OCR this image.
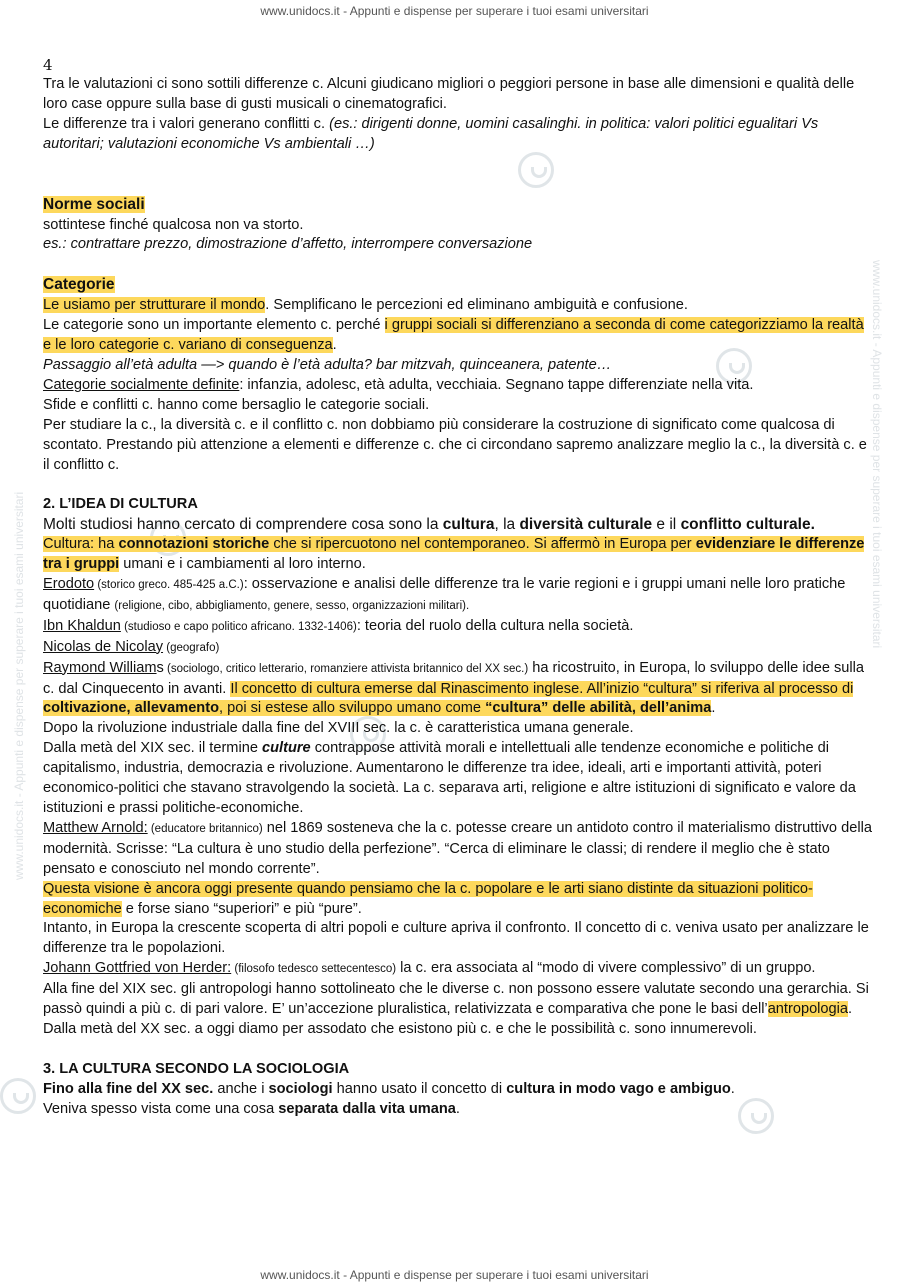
www.unidocs.it - Appunti e dispense per superare i tuoi esami universitari
www.unidocs.it - Appunti e dispense per superare i tuoi esami universitari
www.unidocs.it - Appunti e dispense per superare i tuoi esami universitari
www.unidocs.it - Appunti e dispense per superare i tuoi esami universitari

4

Tra le valutazioni ci sono sottili differenze c. Alcuni giudicano migliori o peggiori persone in base alle dimensioni e qualità delle loro case oppure sulla base di gusti musicali o cinematografici.

Le differenze tra i valori generano conflitti c. (es.: dirigenti donne, uomini casalinghi. in politica: valori politici egualitari Vs autoritari; valutazioni economiche Vs ambientali …)

Norme sociali

sottintese finché qualcosa non va storto.

es.: contrattare prezzo, dimostrazione d’affetto, interrompere conversazione

Categorie

Le usiamo per strutturare il mondo. Semplificano le percezioni ed eliminano ambiguità e confusione.

Le categorie sono un importante elemento c. perché i gruppi sociali si differenziano a seconda di come categorizziamo la realtà e le loro categorie c. variano di conseguenza.

Passaggio all’età adulta —> quando è l’età adulta? bar mitzvah, quinceanera, patente…

Categorie socialmente definite: infanzia, adolesc, età adulta, vecchiaia. Segnano tappe differenziate nella vita.

Sfide e conflitti c. hanno come bersaglio le categorie sociali.

Per studiare la c., la diversità c. e il conflitto c. non dobbiamo più considerare la costruzione di significato come qualcosa di scontato. Prestando più attenzione a elementi e differenze c. che ci circondano sapremo analizzare meglio la c., la diversità c. e il conflitto c.

2. L’IDEA DI CULTURA

Molti studiosi hanno cercato di comprendere cosa sono la cultura, la diversità culturale e il conflitto culturale.

Cultura: ha connotazioni storiche che si ripercuotono nel contemporaneo. Si affermò in Europa per evidenziare le differenze tra i gruppi umani e i cambiamenti al loro interno.

Erodoto (storico greco. 485-425 a.C.): osservazione e analisi delle differenze tra le varie regioni e i gruppi umani nelle loro pratiche quotidiane (religione, cibo, abbigliamento, genere, sesso, organizzazioni militari).

Ibn Khaldun (studioso e capo politico africano. 1332-1406): teoria del ruolo della cultura nella società.

Nicolas de Nicolay (geografo)

Raymond Williams (sociologo, critico letterario, romanziere attivista britannico del XX sec.) ha ricostruito, in Europa, lo sviluppo delle idee sulla c. dal Cinquecento in avanti. Il concetto di cultura emerse dal Rinascimento inglese. All’inizio “cultura” si riferiva al processo di coltivazione, allevamento, poi si estese allo sviluppo umano come “cultura” delle abilità, dell’anima.

Dopo la rivoluzione industriale dalla fine del XVIII sec. la c. è caratteristica umana generale.

Dalla metà del XIX sec. il termine culture contrappose attività morali e intellettuali alle tendenze economiche e politiche di capitalismo, industria, democrazia e rivoluzione. Aumentarono le differenze tra idee, ideali, arti e importanti attività, poteri economico-politici che stavano stravolgendo la società. La c. separava arti, religione e altre istituzioni di significato e valore da istituzioni e prassi politiche-economiche.

Matthew Arnold: (educatore britannico) nel 1869 sosteneva che la c. potesse creare un antidoto contro il materialismo distruttivo della modernità. Scrisse: “La cultura è uno studio della perfezione”. “Cerca di eliminare le classi; di rendere il meglio che è stato pensato e conosciuto nel mondo corrente”.

Questa visione è ancora oggi presente quando pensiamo che la c. popolare e le arti siano distinte da situazioni politico-economiche e forse siano “superiori” e più “pure”.

Intanto, in Europa la crescente scoperta di altri popoli e culture apriva il confronto. Il concetto di c. veniva usato per analizzare le differenze tra le popolazioni.

Johann Gottfried von Herder: (filosofo tedesco settecentesco) la c. era associata al “modo di vivere complessivo” di un gruppo.

Alla fine del XIX sec. gli antropologi hanno sottolineato che le diverse c. non possono essere valutate secondo una gerarchia. Si passò quindi a più c. di pari valore. E’ un’accezione pluralistica, relativizzata e comparativa che pone le basi dell’antropologia.

Dalla metà del XX sec. a oggi diamo per assodato che esistono più c. e che le possibilità c. sono innumerevoli.

3. LA CULTURA SECONDO LA SOCIOLOGIA

Fino alla fine del XX sec. anche i sociologi hanno usato il concetto di cultura in modo vago e ambiguo.

Veniva spesso vista come una cosa separata dalla vita umana.
